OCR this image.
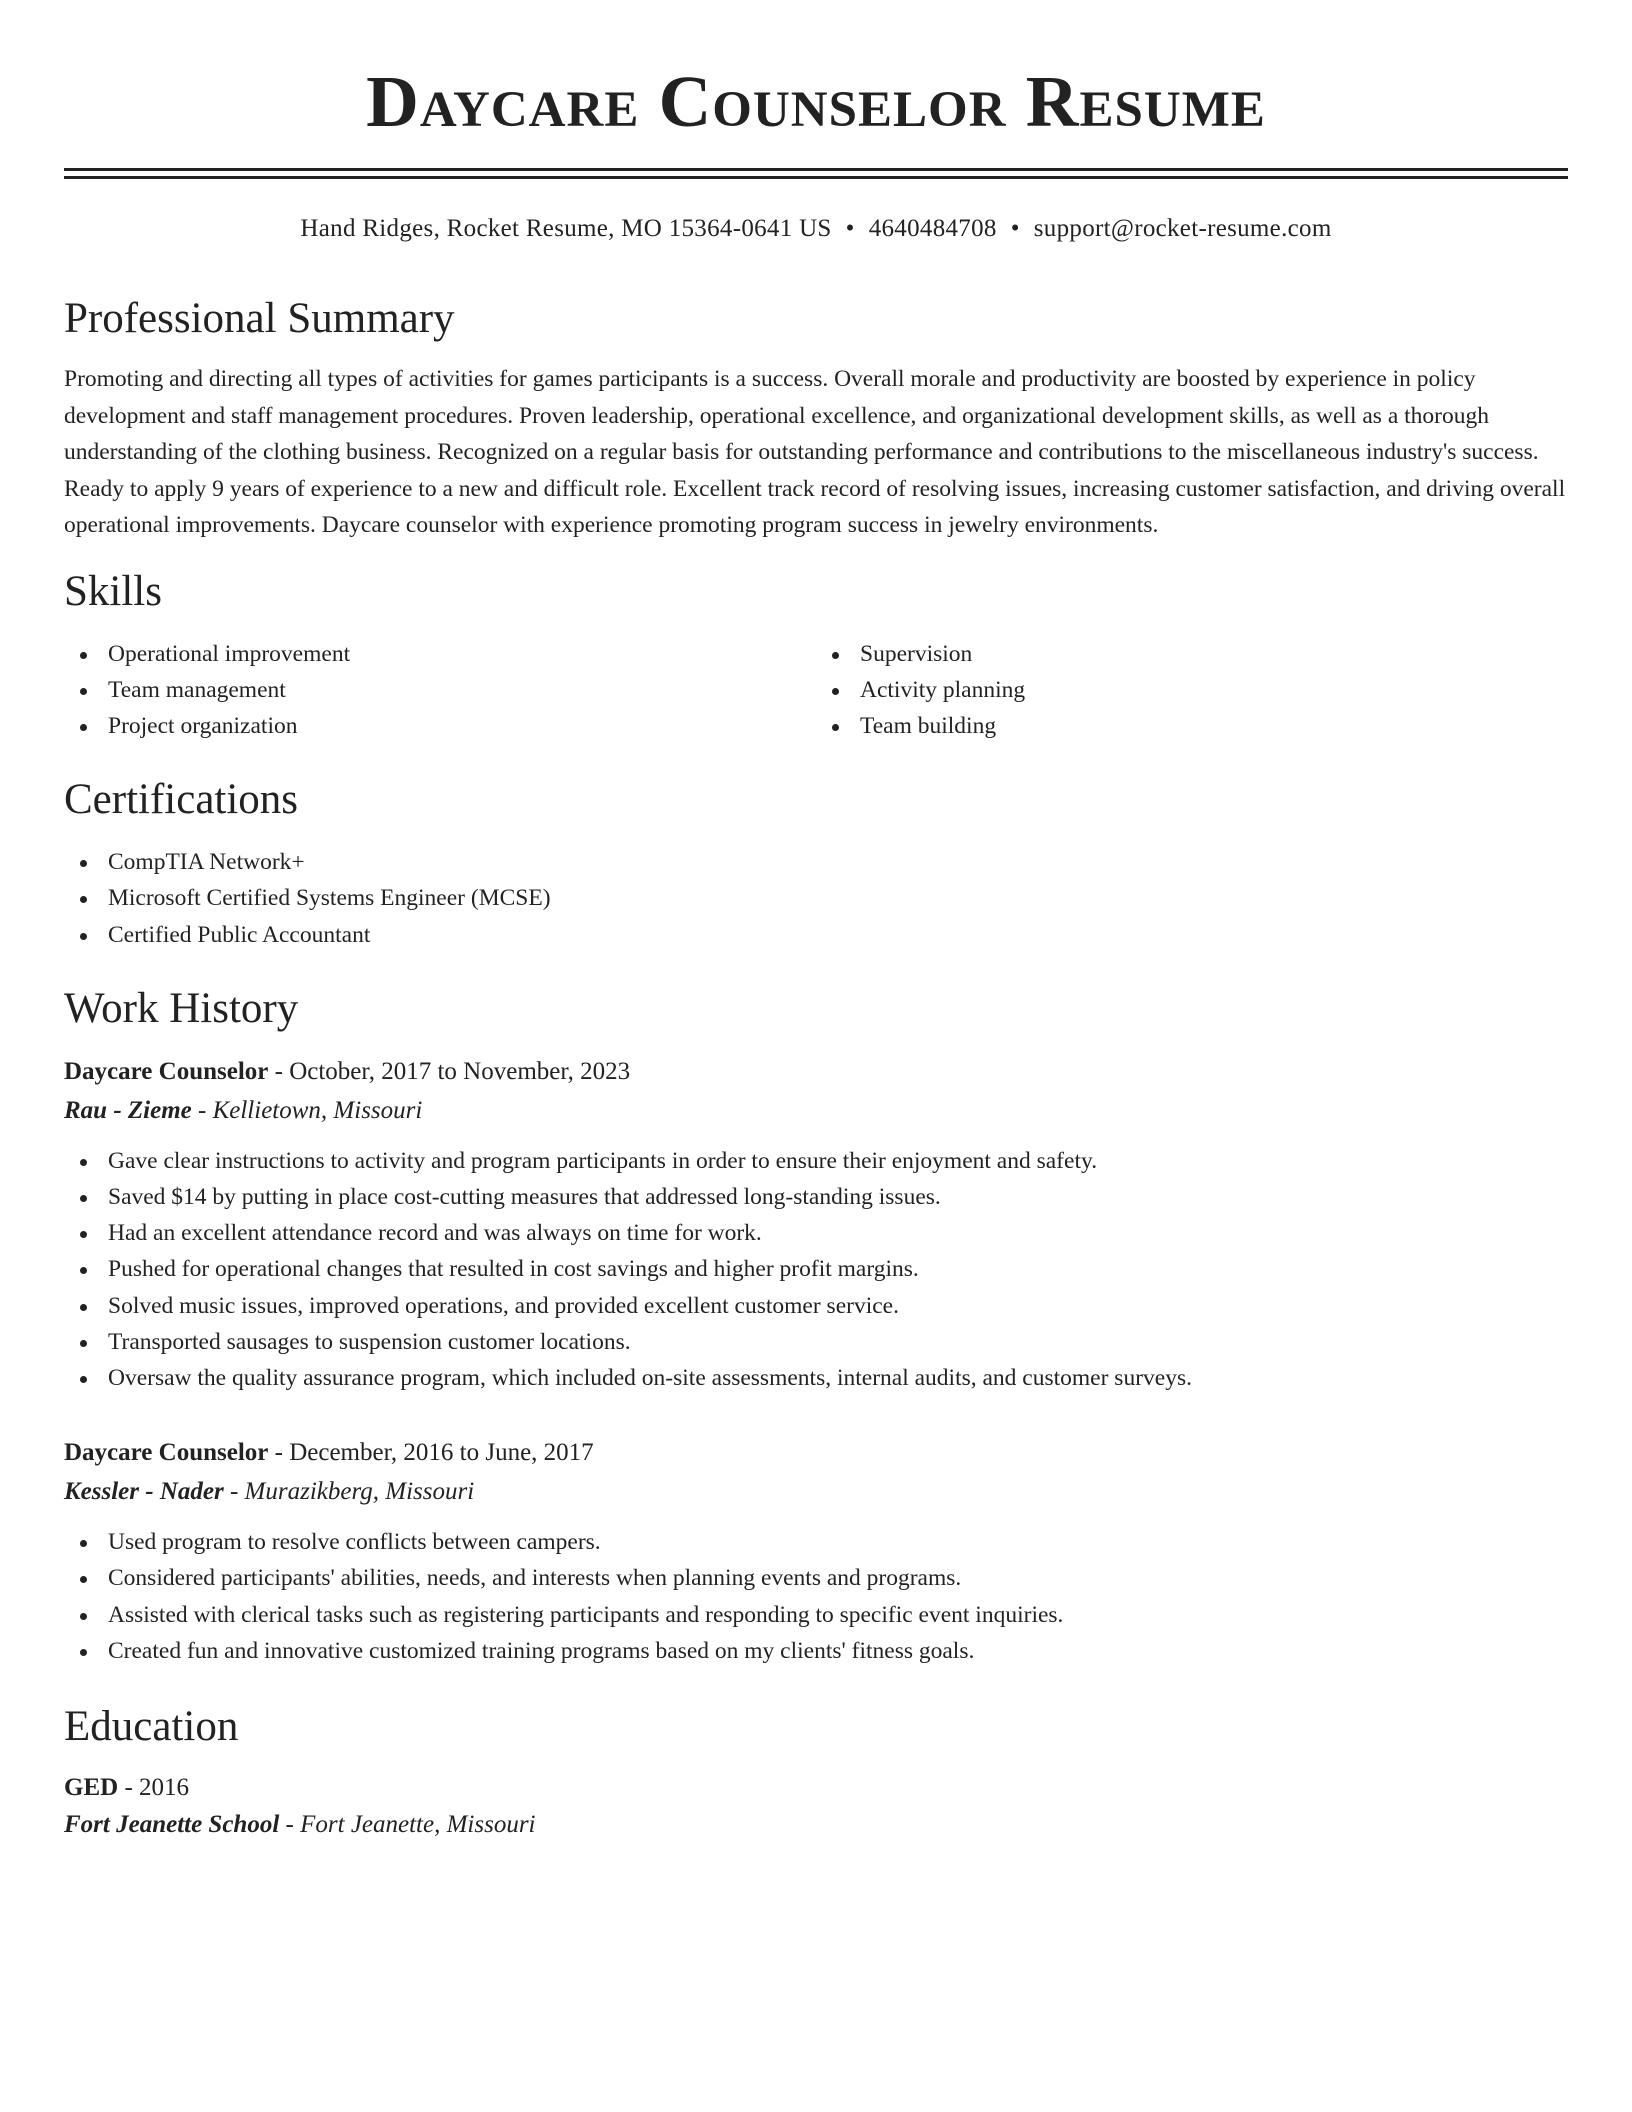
Daycare Counselor Resume
Hand Ridges, Rocket Resume, MO 15364-0641 US • 4640484708 • support@rocket-resume.com
Professional Summary

Promoting and directing all types of activities for games participants is a success. Overall morale and productivity are boosted by experience in policy development and staff management procedures. Proven leadership, operational excellence, and organizational development skills, as well as a thorough understanding of the clothing business. Recognized on a regular basis for outstanding performance and contributions to the miscellaneous industry's success. Ready to apply 9 years of experience to a new and difficult role. Excellent track record of resolving issues, increasing customer satisfaction, and driving overall operational improvements. Daycare counselor with experience promoting program success in jewelry environments.

Skills
Operational improvement
Team management
Project organization
Supervision
Activity planning
Team building
Certifications
CompTIA Network+
Microsoft Certified Systems Engineer (MCSE)
Certified Public Accountant
Work History
Daycare Counselor - October, 2017 to November, 2023
Rau - Zieme - Kellietown, Missouri
Gave clear instructions to activity and program participants in order to ensure their enjoyment and safety.
Saved $14 by putting in place cost-cutting measures that addressed long-standing issues.
Had an excellent attendance record and was always on time for work.
Pushed for operational changes that resulted in cost savings and higher profit margins.
Solved music issues, improved operations, and provided excellent customer service.
Transported sausages to suspension customer locations.
Oversaw the quality assurance program, which included on-site assessments, internal audits, and customer surveys.
Daycare Counselor - December, 2016 to June, 2017
Kessler - Nader - Murazikberg, Missouri
Used program to resolve conflicts between campers.
Considered participants' abilities, needs, and interests when planning events and programs.
Assisted with clerical tasks such as registering participants and responding to specific event inquiries.
Created fun and innovative customized training programs based on my clients' fitness goals.
Education
GED - 2016
Fort Jeanette School - Fort Jeanette, Missouri
